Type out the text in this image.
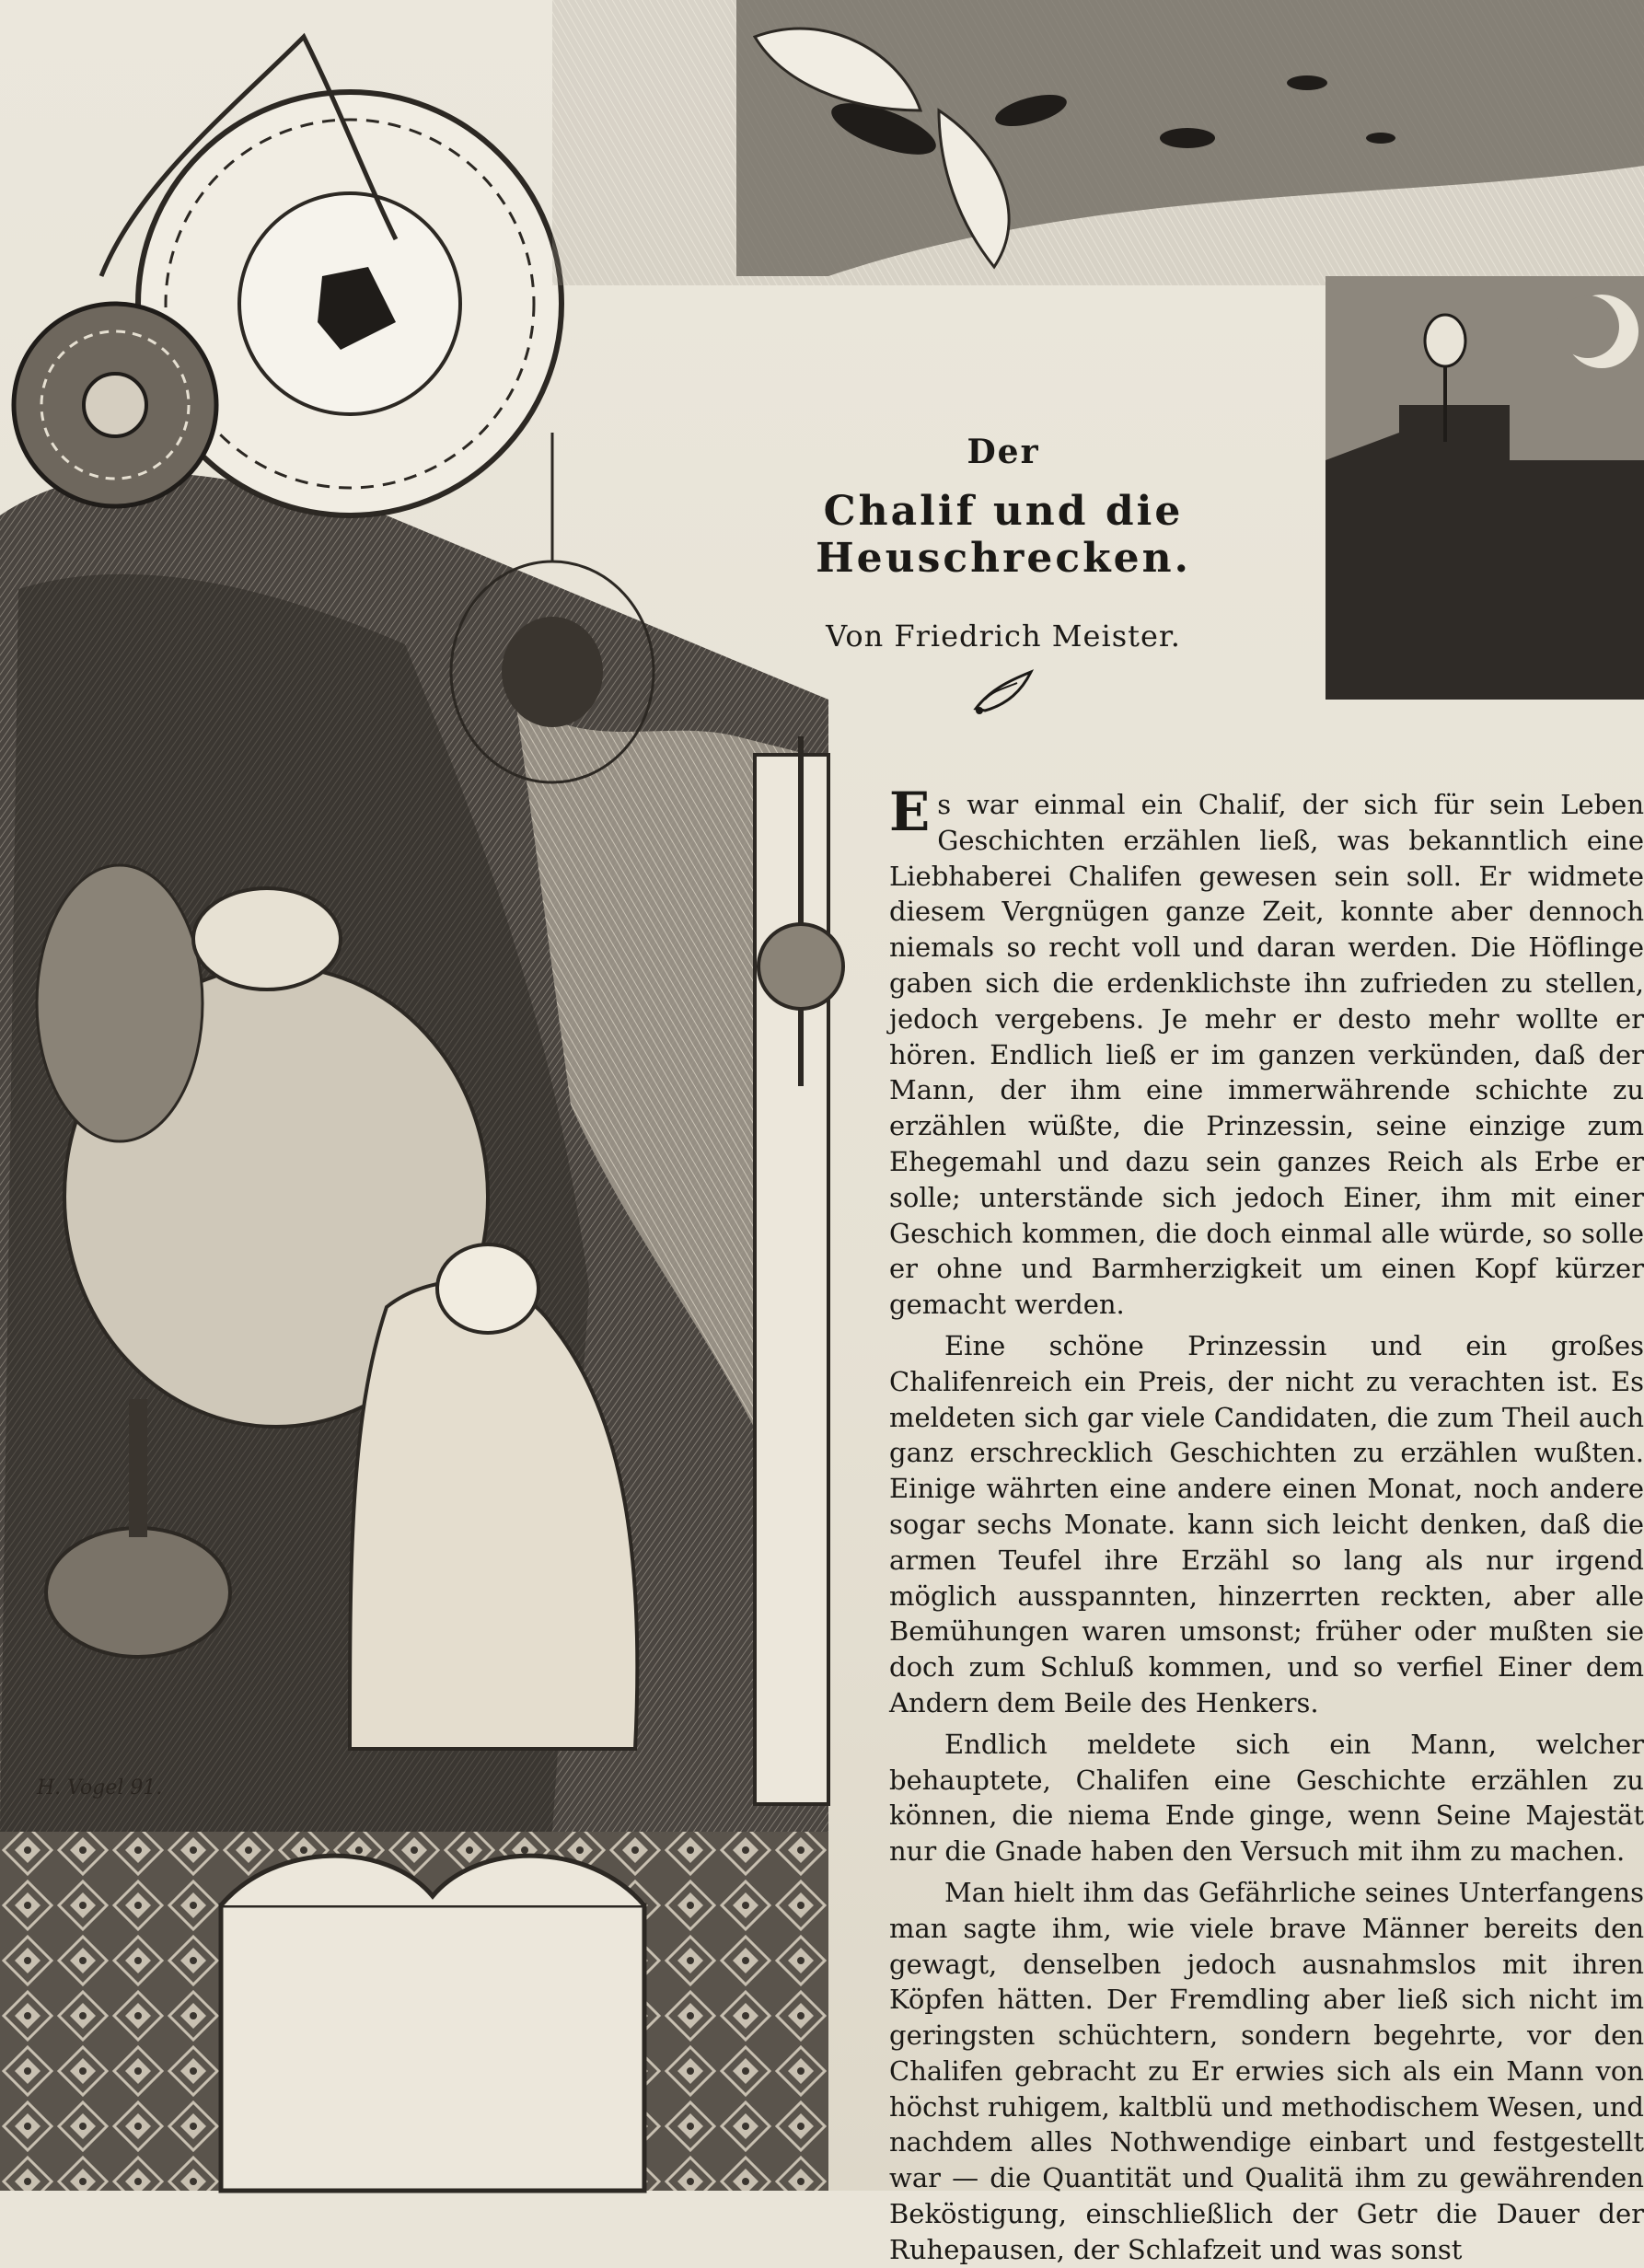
Der
Chalif und die Heuschrecken.
Von Friedrich Meister.

Es war einmal ein Chalif, der sich für sein Leben Geschichten erzählen ließ, was bekanntlich eine Liebhaberei Chalifen gewesen sein soll. Er widmete diesem Vergnügen ganze Zeit, konnte aber dennoch niemals so recht voll und daran werden. Die Höflinge gaben sich die erdenklichste ihn zufrieden zu stellen, jedoch vergebens. Je mehr er desto mehr wollte er hören. Endlich ließ er im ganzen verkünden, daß der Mann, der ihm eine immerwährende schichte zu erzählen wüßte, die Prinzessin, seine einzige zum Ehegemahl und dazu sein ganzes Reich als Erbe er solle; unterstände sich jedoch Einer, ihm mit einer Geschich kommen, die doch einmal alle würde, so solle er ohne und Barmherzigkeit um einen Kopf kürzer gemacht werden.

Eine schöne Prinzessin und ein großes Chalifenreich ein Preis, der nicht zu verachten ist. Es meldeten sich gar viele Candidaten, die zum Theil auch ganz erschrecklich Geschichten zu erzählen wußten. Einige währten eine andere einen Monat, noch andere sogar sechs Monate. kann sich leicht denken, daß die armen Teufel ihre Erzähl so lang als nur irgend möglich ausspannten, hinzerrten reckten, aber alle Bemühungen waren umsonst; früher oder mußten sie doch zum Schluß kommen, und so verfiel Einer dem Andern dem Beile des Henkers.

Endlich meldete sich ein Mann, welcher behauptete, Chalifen eine Geschichte erzählen zu können, die niema Ende ginge, wenn Seine Majestät nur die Gnade haben den Versuch mit ihm zu machen.

Man hielt ihm das Gefährliche seines Unterfangens man sagte ihm, wie viele brave Männer bereits den gewagt, denselben jedoch ausnahmslos mit ihren Köpfen hätten. Der Fremdling aber ließ sich nicht im geringsten schüchtern, sondern begehrte, vor den Chalifen gebracht zu Er erwies sich als ein Mann von höchst ruhigem, kaltblü und methodischem Wesen, und nachdem alles Nothwendige einbart und festgestellt war — die Quantität und Qualitä ihm zu gewährenden Beköstigung, einschließlich der Getr die Dauer der Ruhepausen, der Schlafzeit und was sonst

H. Vogel 91.
